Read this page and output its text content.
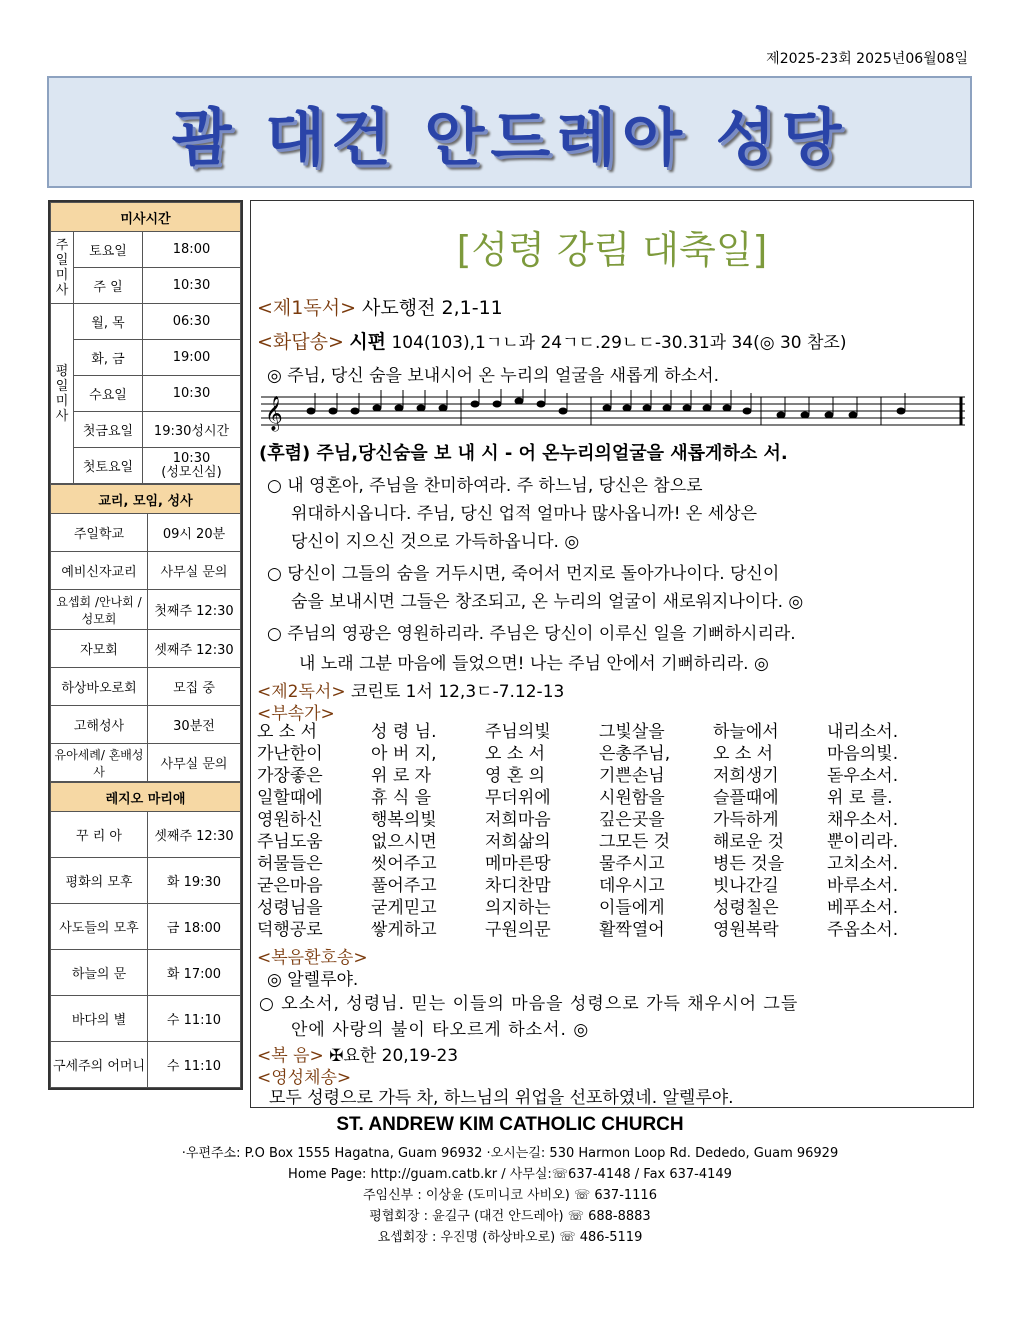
제2025-23회 2025년06월08일
괌 대건 안드레아 성당
미사시간		
주일미사	토요일	18:00
	주 일	10:30
평일미사	월, 목	06:30
	화, 금	19:00
	수요일	10:30
	첫금요일	19:30성시간
	첫토요일	10:30
(성모신심)
교리, 모임, 성사	
주일학교	09시 20분
예비신자교리	사무실 문의
요셉회 /안나회 /성모회	첫째주 12:30
자모회	셋째주 12:30
하상바오로회	모집 중
고해성사	30분전
유아세례/ 혼배성사	사무실 문의
레지오 마리애	
꾸 리 아	셋째주 12:30
평화의 모후	화 19:30
사도들의 모후	금 18:00
하늘의 문	화 17:00
바다의 별	수 11:10
구세주의 어머니	수 11:10
[성령 강림 대축일]
<제1독서> 사도행전 2,1-11
<화답송> 시편 104(103),1ㄱㄴ과 24ㄱㄷ.29ㄴㄷ-30.31과 34(◎ 30 참조)
◎ 주님, 당신 숨을 보내시어 온 누리의 얼굴을 새롭게 하소서.
𝄞
(후렴) 주님,당신숨을 보 내 시 - 어 온누리의얼굴을 새롭게하소 서.
○ 내 영혼아, 주님을 찬미하여라. 주 하느님, 당신은 참으로
위대하시옵니다. 주님, 당신 업적 얼마나 많사옵니까! 온 세상은
당신이 지으신 것으로 가득하옵니다. ◎
○ 당신이 그들의 숨을 거두시면, 죽어서 먼지로 돌아가나이다. 당신이
숨을 보내시면 그들은 창조되고, 온 누리의 얼굴이 새로워지나이다. ◎
○ 주님의 영광은 영원하리라. 주님은 당신이 이루신 일을 기뻐하시리라.
내 노래 그분 마음에 들었으면! 나는 주님 안에서 기뻐하리라. ◎
<제2독서> 코린토 1서 12,3ㄷ-7.12-13
<부속가>
오 소 서	성 령 님.	주님의빛	그빛살을	하늘에서	내리소서.
가난한이	아 버 지,	오 소 서	은총주님,	오 소 서	마음의빛.
가장좋은	위 로 자	영 혼 의	기쁜손님	저희생기	돋우소서.
일할때에	휴 식 을	무더위에	시원함을	슬플때에	위 로 를.
영원하신	행복의빛	저희마음	깊은곳을	가득하게	채우소서.
주님도움	없으시면	저희삶의	그모든 것	해로운 것	뿐이리라.
허물들은	씻어주고	메마른땅	물주시고	병든 것을	고치소서.
굳은마음	풀어주고	차디찬맘	데우시고	빗나간길	바루소서.
성령님을	굳게믿고	의지하는	이들에게	성령칠은	베푸소서.
덕행공로	쌓게하고	구원의문	활짝열어	영원복락	주옵소서.
<복음환호송>
◎ 알렐루야.
○ 오소서, 성령님. 믿는 이들의 마음을 성령으로 가득 채우시어 그들
안에 사랑의 불이 타오르게 하소서. ◎
<복 음> ✠요한 20,19-23
<영성체송>
모두 성령으로 가득 차, 하느님의 위업을 선포하였네. 알렐루야.
ST. ANDREW KIM CATHOLIC CHURCH
·우편주소: P.O Box 1555 Hagatna, Guam 96932 ·오시는길: 530 Harmon Loop Rd. Dededo, Guam 96929
Home Page: http://guam.catb.kr / 사무실:☏637-4148 / Fax 637-4149
주임신부 : 이상윤 (도미니코 사비오) ☏ 637-1116
평협회장 : 윤길구 (대건 안드레아) ☏ 688-8883
요셉회장 : 우진명 (하상바오로) ☏ 486-5119
